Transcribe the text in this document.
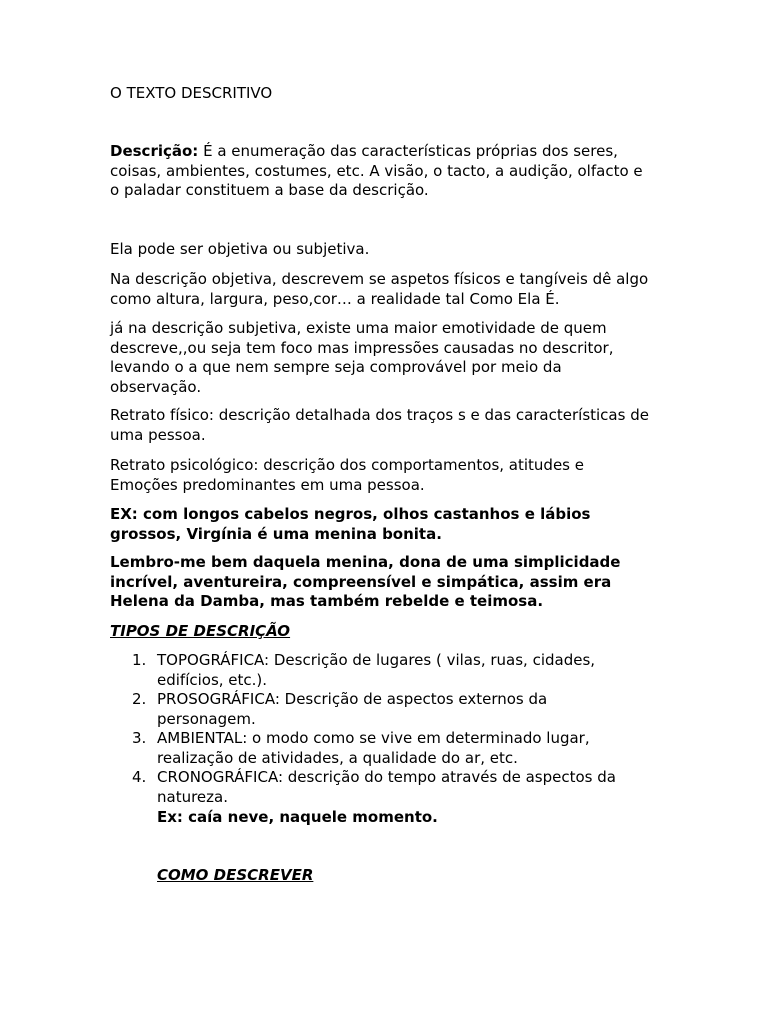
O TEXTO DESCRITIVO
Descrição: É a enumeração das características próprias dos seres, coisas, ambientes, costumes, etc. A visão, o tacto, a audição, olfacto e o paladar constituem a base da descrição.
Ela pode ser objetiva ou subjetiva.
Na descrição objetiva, descrevem se aspetos físicos e tangíveis dê algo como altura, largura, peso,cor… a realidade tal Como Ela É.
já na descrição subjetiva, existe uma maior emotividade de quem descreve,,ou seja tem foco mas impressões causadas no descritor, levando o a que nem sempre seja comprovável por meio da observação.
Retrato físico: descrição detalhada dos traços s e das características de uma pessoa.
Retrato psicológico: descrição dos comportamentos, atitudes e Emoções predominantes em uma pessoa.
EX: com longos cabelos negros, olhos castanhos e lábios grossos, Virgínia é uma menina bonita.
Lembro-me bem daquela menina, dona de uma simplicidade incrível, aventureira, compreensível e simpática, assim era Helena da Damba, mas também rebelde e teimosa.
TIPOS DE DESCRIÇÃO
1. TOPOGRÁFICA: Descrição de lugares ( vilas, ruas, cidades, edifícios, etc.).
2. PROSOGRÁFICA: Descrição de aspectos externos da personagem.
3. AMBIENTAL: o modo como se vive em determinado lugar, realização de atividades, a qualidade do ar, etc.
4. CRONOGRÁFICA: descrição do tempo através de aspectos da natureza.
Ex: caía neve, naquele momento.
COMO DESCREVER
